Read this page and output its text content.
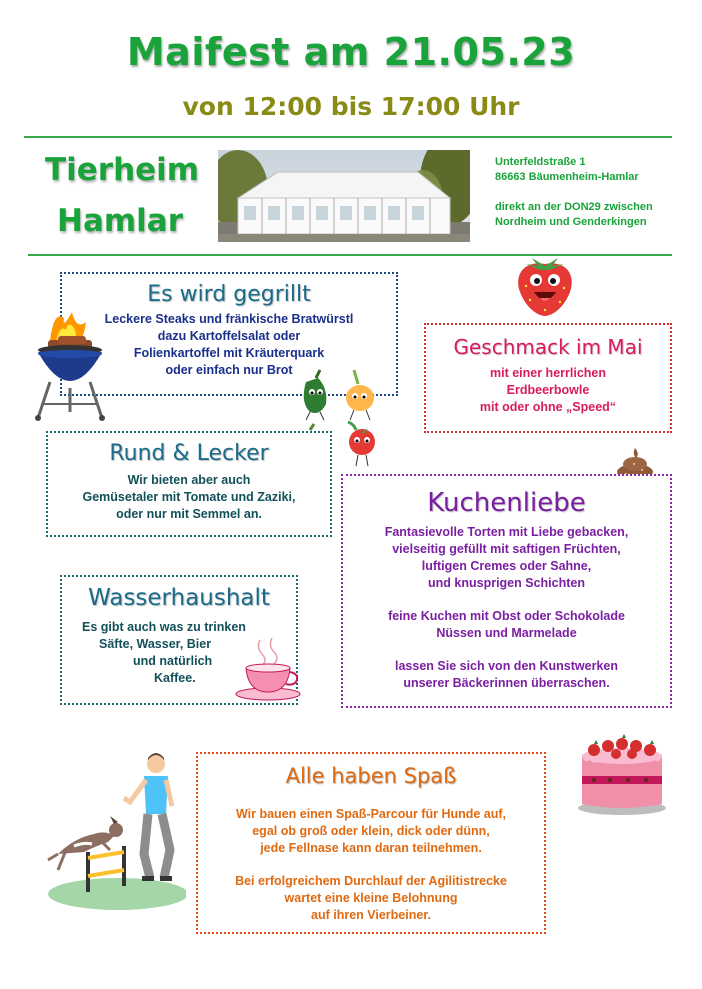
Maifest am 21.05.23
von 12:00 bis 17:00 Uhr
Tierheim
Hamlar
Unterfeldstraße 1
86663 Bäumenheim-Hamlar
direkt an der DON29 zwischen
Nordheim und Genderkingen
Es wird gegrillt

Leckere Steaks und fränkische Bratwürstl

dazu Kartoffelsalat oder

Folienkartoffel mit Kräuterquark

oder einfach nur Brot

Geschmack im Mai

mit einer herrlichen

Erdbeerbowle

mit oder ohne „Speed“

Rund & Lecker

Wir bieten aber auch

Gemüsetaler mit Tomate und Zaziki,

oder nur mit Semmel an.	Kuchenliebe

Fantasievolle Torten mit Liebe gebacken,

vielseitig gefüllt mit saftigen Früchten,

luftigen Cremes oder Sahne,

und knusprigen Schichten

feine Kuchen mit Obst oder Schokolade

Nüssen und Marmelade

lassen Sie sich von den Kunstwerken

unserer Bäckerinnen überraschen.

Wasserhaushalt

Es gibt auch was zu trinken

Säfte, Wasser, Bier

und natürlich

Kaffee.

Alle haben Spaß

Wir bauen einen Spaß-Parcour für Hunde auf,

egal ob groß oder klein, dick oder dünn,

jede Fellnase kann daran teilnehmen.

Bei erfolgreichem Durchlauf der Agilitistrecke

wartet eine kleine Belohnung

auf ihren Vierbeiner.
